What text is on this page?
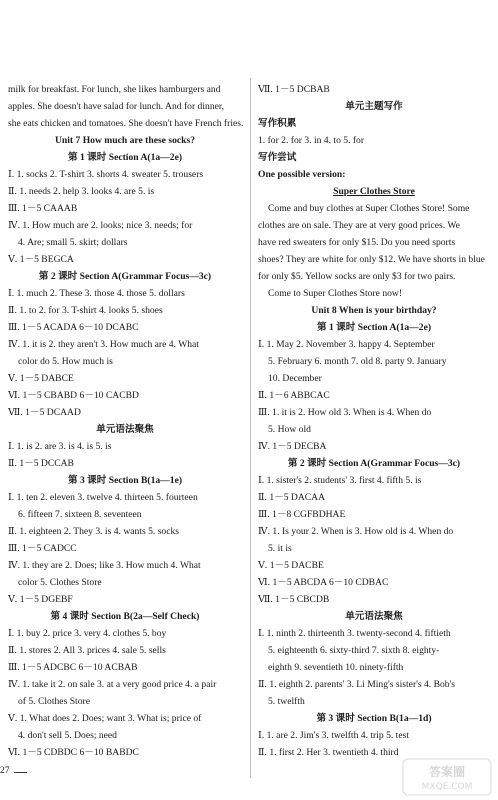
milk for breakfast. For lunch, she likes hamburgers and
apples. She doesn't have salad for lunch. And for dinner,
she eats chicken and tomatoes. She doesn't have French fries.
Unit 7 How much are these socks?
第 1 课时 Section A(1a—2e)
Ⅰ. 1. socks 2. T-shirt 3. shorts 4. sweater 5. trousers
Ⅱ. 1. needs 2. help 3. looks 4. are 5. is
Ⅲ. 1－5 CAAAB
Ⅳ. 1. How much are 2. looks; nice 3. needs; for
4. Are; small 5. skirt; dollars
Ⅴ. 1－5 BEGCA
第 2 课时 Section A(Grammar Focus—3c)
Ⅰ. 1. much 2. These 3. those 4. those 5. dollars
Ⅱ. 1. to 2. for 3. T-shirt 4. looks 5. shoes
Ⅲ. 1－5 ACADA 6－10 DCABC
Ⅳ. 1. it is 2. they aren't 3. How much are 4. What
color do 5. How much is
Ⅴ. 1－5 DABCE
Ⅵ. 1－5 CBABD 6－10 CACBD
Ⅶ. 1－5 DCAAD
单元语法聚焦
Ⅰ. 1. is 2. are 3. is 4. is 5. is
Ⅱ. 1－5 DCCAB
第 3 课时 Section B(1a—1e)
Ⅰ. 1. ten 2. eleven 3. twelve 4. thirteen 5. fourteen
6. fifteen 7. sixteen 8. seventeen
Ⅱ. 1. eighteen 2. They 3. is 4. wants 5. socks
Ⅲ. 1－5 CADCC
Ⅳ. 1. they are 2. Does; like 3. How much 4. What
color 5. Clothes Store
Ⅴ. 1－5 DGEBF
第 4 课时 Section B(2a—Self Check)
Ⅰ. 1. buy 2. price 3. very 4. clothes 5. boy
Ⅱ. 1. stores 2. All 3. prices 4. sale 5. sells
Ⅲ. 1－5 ADCBC 6－10 ACBAB
Ⅳ. 1. take it 2. on sale 3. at a very good price 4. a pair
of 5. Clothes Store
Ⅴ. 1. What does 2. Does; want 3. What is; price of
4. don't sell 5. Does; need
Ⅵ. 1－5 CDBDC 6－10 BABDC
27
Ⅶ. 1－5 DCBAB
单元主题写作
写作积累
1. for 2. for 3. in 4. to 5. for
写作尝试
One possible version:
Super Clothes Store
Come and buy clothes at Super Clothes Store! Some
clothes are on sale. They are at very good prices. We
have red sweaters for only $15. Do you need sports
shoes? They are white for only $12. We have shorts in blue
for only $5. Yellow socks are only $3 for two pairs.
Come to Super Clothes Store now!
Unit 8 When is your birthday?
第 1 课时 Section A(1a—2e)
Ⅰ. 1. May 2. November 3. happy 4. September
5. February 6. month 7. old 8. party 9. January
10. December
Ⅱ. 1－6 ABBCAC
Ⅲ. 1. it is 2. How old 3. When is 4. When do
5. How old
Ⅳ. 1－5 DECBA
第 2 课时 Section A(Grammar Focus—3c)
Ⅰ. 1. sister's 2. students' 3. first 4. fifth 5. is
Ⅱ. 1－5 DACAA
Ⅲ. 1－8 CGFBDHAE
Ⅳ. 1. Is your 2. When is 3. How old is 4. When do
5. it is
Ⅴ. 1－5 DACBE
Ⅵ. 1－5 ABCDA 6－10 CDBAC
Ⅶ. 1－5 CBCDB
单元语法聚焦
Ⅰ. 1. ninth 2. thirteenth 3. twenty-second 4. fiftieth
5. eighteenth 6. sixty-third 7. sixth 8. eighty-
eighth 9. seventieth 10. ninety-fifth
Ⅱ. 1. eighth 2. parents' 3. Li Ming's sister's 4. Bob's
5. twelfth
第 3 课时 Section B(1a—1d)
Ⅰ. 1. are 2. Jim's 3. twelfth 4. trip 5. test
Ⅱ. 1. first 2. Her 3. twentieth 4. third
答案圈
MXQE.COM
